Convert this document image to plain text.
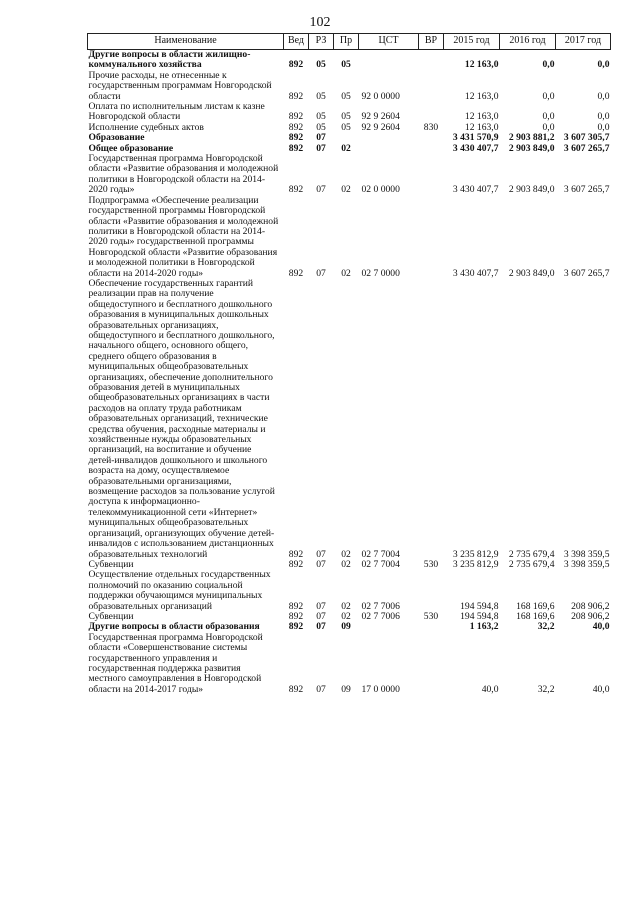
102
Наименование	Вед	РЗ	Пр	ЦСТ	ВР	2015 год	2016 год	2017 год
Другие вопросы в области жилищно-коммунального хозяйства	892	05	05			12 163,0	0,0	0,0
Прочие расходы, не отнесенные к государственным программам Новгородской области	892	05	05	92 0 0000		12 163,0	0,0	0,0
Оплата по исполнительным листам к казне Новгородской области	892	05	05	92 9 2604		12 163,0	0,0	0,0
Исполнение судебных актов	892	05	05	92 9 2604	830	12 163,0	0,0	0,0
Образование	892	07				3 431 570,9	2 903 881,2	3 607 305,7
Общее образование	892	07	02			3 430 407,7	2 903 849,0	3 607 265,7
Государственная программа Новгородской области «Развитие образования и молодежной политики в Новгородской области на 2014-2020 годы»	892	07	02	02 0 0000		3 430 407,7	2 903 849,0	3 607 265,7
Подпрограмма «Обеспечение реализации государственной программы Новгородской области «Развитие образования и молодежной политики в Новгородской области на 2014-2020 годы» государственной программы Новгородской области «Развитие образования и молодежной политики в Новгородской области на 2014-2020 годы»	892	07	02	02 7 0000		3 430 407,7	2 903 849,0	3 607 265,7
Обеспечение государственных гарантий реализации прав на получение общедоступного и бесплатного дошкольного образования в муниципальных дошкольных образовательных организациях, общедоступного и бесплатного дошкольного, начального общего, основного общего, среднего общего образования в муниципальных общеобразовательных организациях, обеспечение дополнительного образования детей в муниципальных общеобразовательных организациях в части расходов на оплату труда работникам образовательных организаций, технические средства обучения, расходные материалы и хозяйственные нужды образовательных организаций, на воспитание и обучение детей-инвалидов дошкольного и школьного возраста на дому, осуществляемое образовательными организациями, возмещение расходов за пользование услугой доступа к информационно-телекоммуникационной сети «Интернет» муниципальных общеобразовательных организаций, организующих обучение детей-инвалидов с использованием дистанционных образовательных технологий	892	07	02	02 7 7004		3 235 812,9	2 735 679,4	3 398 359,5
Субвенции	892	07	02	02 7 7004	530	3 235 812,9	2 735 679,4	3 398 359,5
Осуществление отдельных государственных полномочий по оказанию социальной поддержки обучающимся муниципальных образовательных организаций	892	07	02	02 7 7006		194 594,8	168 169,6	208 906,2
Субвенции	892	07	02	02 7 7006	530	194 594,8	168 169,6	208 906,2
Другие вопросы в области образования	892	07	09			1 163,2	32,2	40,0
Государственная программа Новгородской области «Совершенствование системы государственного управления и государственная поддержка развития местного самоуправления в Новгородской области на 2014-2017 годы»	892	07	09	17 0 0000		40,0	32,2	40,0
